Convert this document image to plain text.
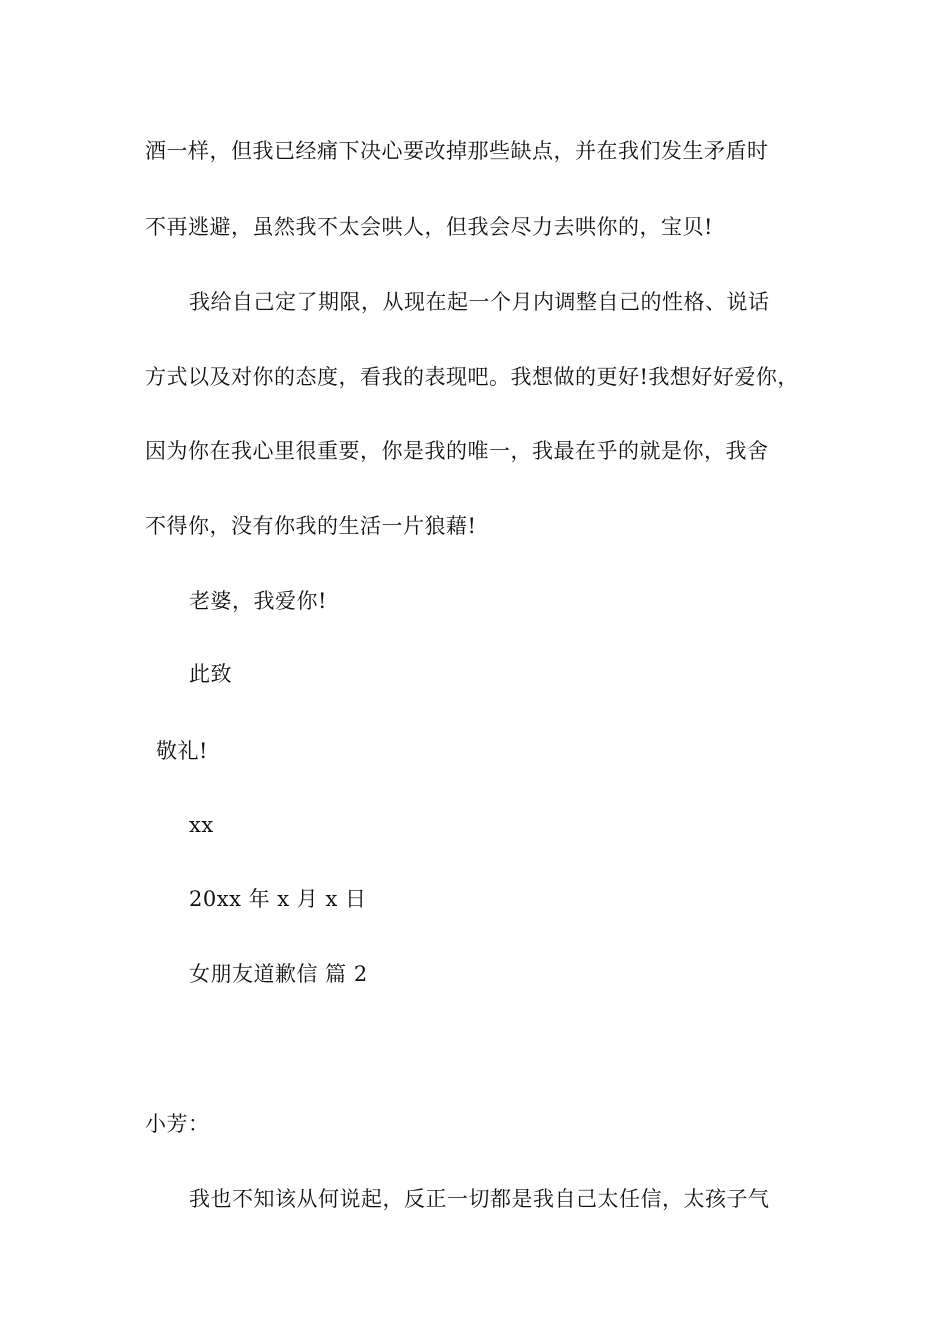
酒一样，但我已经痛下决心要改掉那些缺点，并在我们发生矛盾时
不再逃避，虽然我不太会哄人，但我会尽力去哄你的，宝贝!
我给自己定了期限，从现在起一个月内调整自己的性格、说话
方式以及对你的态度，看我的表现吧。我想做的更好!我想好好爱你，
因为你在我心里很重要，你是我的唯一，我最在乎的就是你，我舍
不得你，没有你我的生活一片狼藉!
老婆，我爱你!
此致
敬礼!
xx
20xx 年 x 月 x 日
女朋友道歉信 篇 2
小芳：
我也不知该从何说起，反正一切都是我自己太任信，太孩子气
